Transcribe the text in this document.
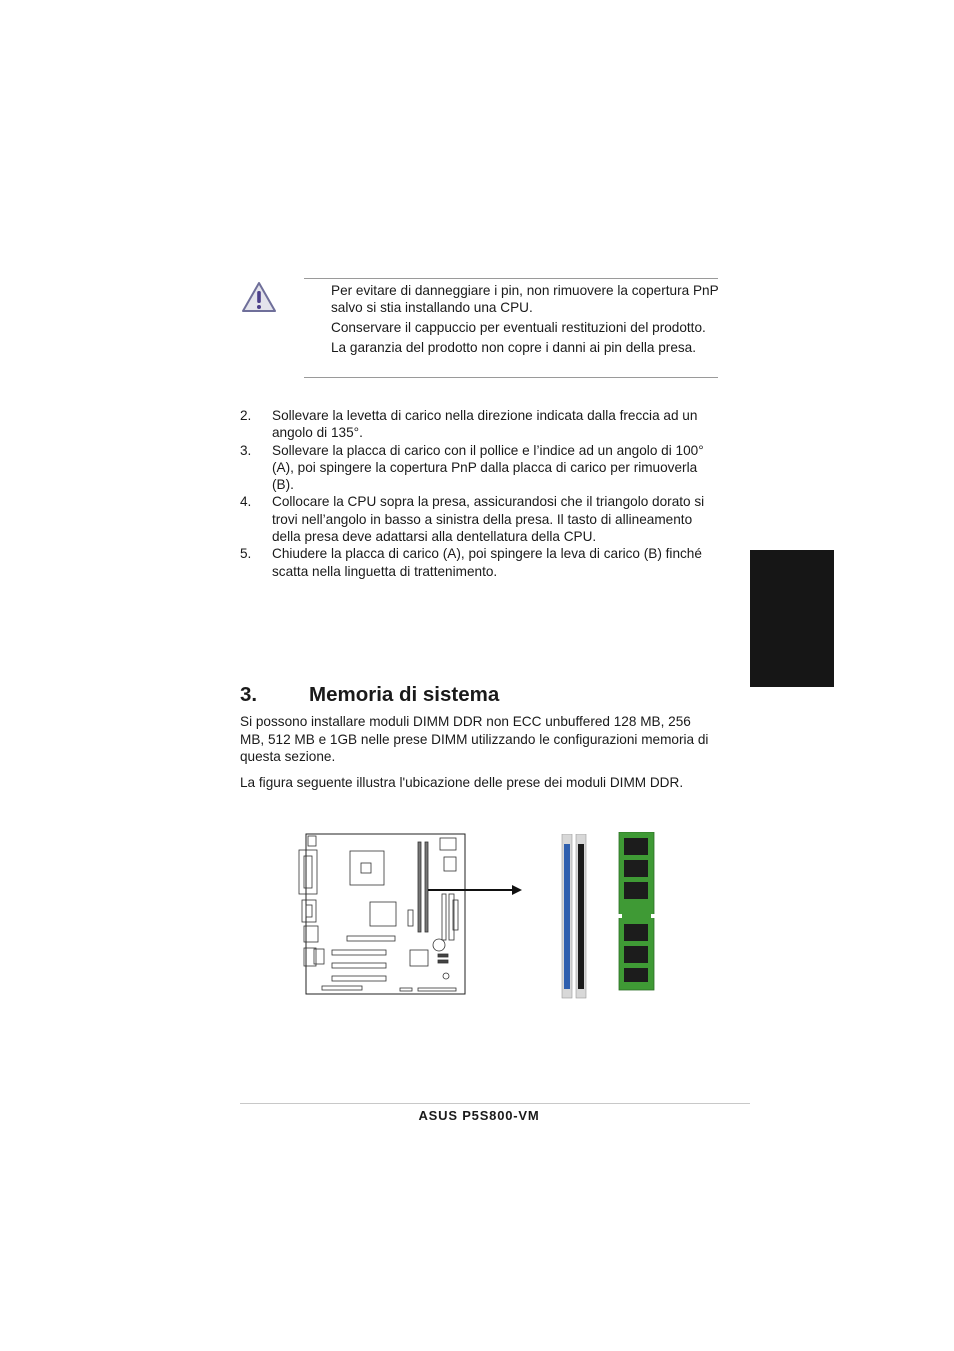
Per evitare di danneggiare i pin, non rimuovere la copertura PnP salvo si stia installando una CPU.

Conservare il cappuccio per eventuali restituzioni del prodotto.

La garanzia del prodotto non copre i danni ai pin della presa.

2.	Sollevare la levetta di carico nella direzione indicata dalla freccia ad un angolo di 135°.
3.	Sollevare la placca di carico con il pollice e l’indice ad un angolo di 100° (A), poi spingere la copertura PnP dalla placca di carico per rimuoverla (B).
4.	Collocare la CPU sopra la presa, assicurandosi che il triangolo dorato si trovi nell’angolo in basso a sinistra della presa. Il tasto di allineamento della presa deve adattarsi alla dentellatura della CPU.
5.	Chiudere la placca di carico (A), poi spingere la leva di carico (B) finché scatta nella linguetta di trattenimento.
3.	Memoria di sistema

Si possono installare moduli DIMM DDR non ECC unbuffered 128 MB, 256 MB, 512 MB e 1GB nelle prese DIMM utilizzando le configurazioni memoria di questa sezione.

La figura seguente illustra l'ubicazione delle prese dei moduli DIMM DDR.

ASUS P5S800-VM
